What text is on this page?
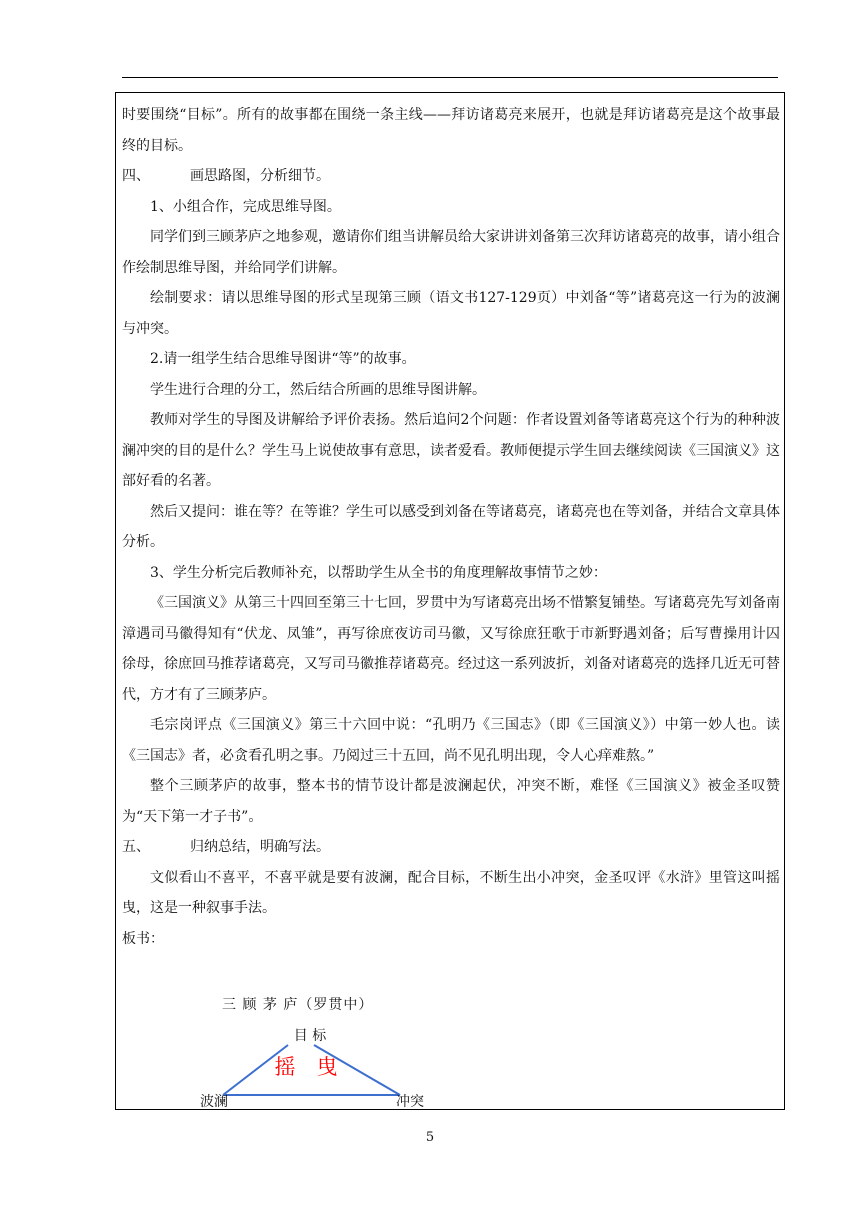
时要围绕“目标”。所有的故事都在围绕一条主线——拜访诸葛亮来展开，也就是拜访诸葛亮是这个故事最终的目标。

四、	画思路图，分析细节。

1、小组合作，完成思维导图。

同学们到三顾茅庐之地参观，邀请你们组当讲解员给大家讲讲刘备第三次拜访诸葛亮的故事，请小组合作绘制思维导图，并给同学们讲解。

绘制要求：请以思维导图的形式呈现第三顾（语文书127-129页）中刘备“等”诸葛亮这一行为的波澜与冲突。

2.请一组学生结合思维导图讲“等”的故事。

学生进行合理的分工，然后结合所画的思维导图讲解。

教师对学生的导图及讲解给予评价表扬。然后追问2个问题：作者设置刘备等诸葛亮这个行为的种种波澜冲突的目的是什么？学生马上说使故事有意思，读者爱看。教师便提示学生回去继续阅读《三国演义》这部好看的名著。

然后又提问：谁在等？在等谁？学生可以感受到刘备在等诸葛亮，诸葛亮也在等刘备，并结合文章具体分析。

3、学生分析完后教师补充，以帮助学生从全书的角度理解故事情节之妙：

《三国演义》从第三十四回至第三十七回，罗贯中为写诸葛亮出场不惜繁复铺垫。写诸葛亮先写刘备南漳遇司马徽得知有“伏龙、凤雏”，再写徐庶夜访司马徽，又写徐庶狂歌于市新野遇刘备；后写曹操用计囚徐母，徐庶回马推荐诸葛亮，又写司马徽推荐诸葛亮。经过这一系列波折，刘备对诸葛亮的选择几近无可替代，方才有了三顾茅庐。

毛宗岗评点《三国演义》第三十六回中说：“孔明乃《三国志》（即《三国演义》）中第一妙人也。读《三国志》者，必贪看孔明之事。乃阅过三十五回，尚不见孔明出现，令人心痒难熬。”

整个三顾茅庐的故事，整本书的情节设计都是波澜起伏，冲突不断，难怪《三国演义》被金圣叹赞为“天下第一才子书”。

五、	归纳总结，明确写法。

文似看山不喜平，不喜平就是要有波澜，配合目标，不断生出小冲突，金圣叹评《水浒》里管这叫摇曳，这是一种叙事手法。

板书：

三 顾 茅 庐（罗贯中）
目 标
摇　曳
波澜	冲突
5
